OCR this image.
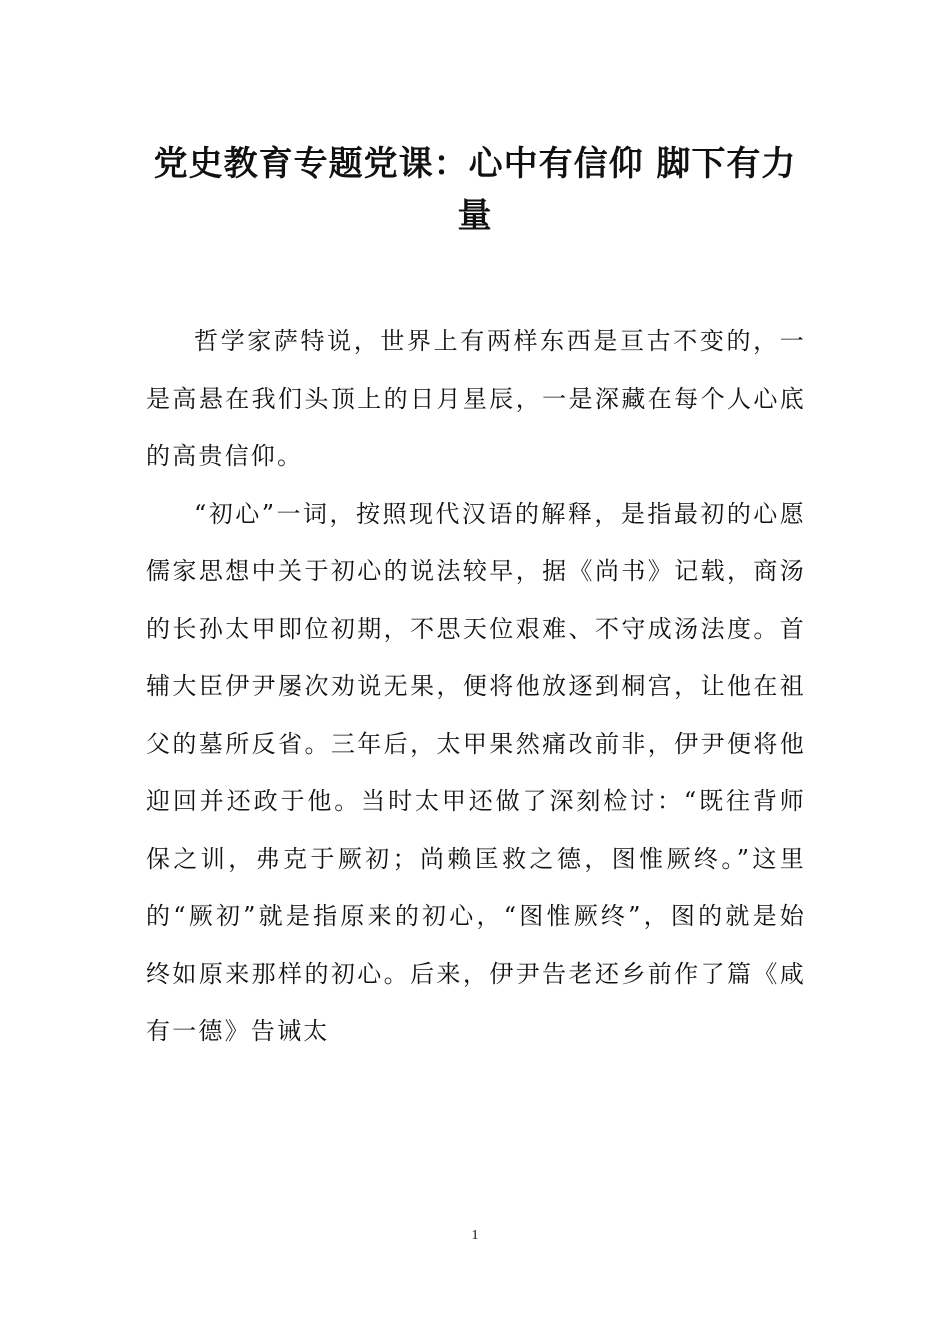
党史教育专题党课：心中有信仰 脚下有力量

哲学家萨特说，世界上有两样东西是亘古不变的，一是高悬在我们头顶上的日月星辰，一是深藏在每个人心底的高贵信仰。

“初心”一词，按照现代汉语的解释，是指最初的心愿儒家思想中关于初心的说法较早，据《尚书》记载，商汤的长孙太甲即位初期，不思天位艰难、不守成汤法度。首辅大臣伊尹屡次劝说无果，便将他放逐到桐宫，让他在祖父的墓所反省。三年后，太甲果然痛改前非，伊尹便将他迎回并还政于他。当时太甲还做了深刻检讨：“既往背师保之训，弗克于厥初；尚赖匡救之德，图惟厥终。”这里的“厥初”就是指原来的初心，“图惟厥终”，图的就是始终如原来那样的初心。后来，伊尹告老还乡前作了篇《咸有一德》告诫太

1
